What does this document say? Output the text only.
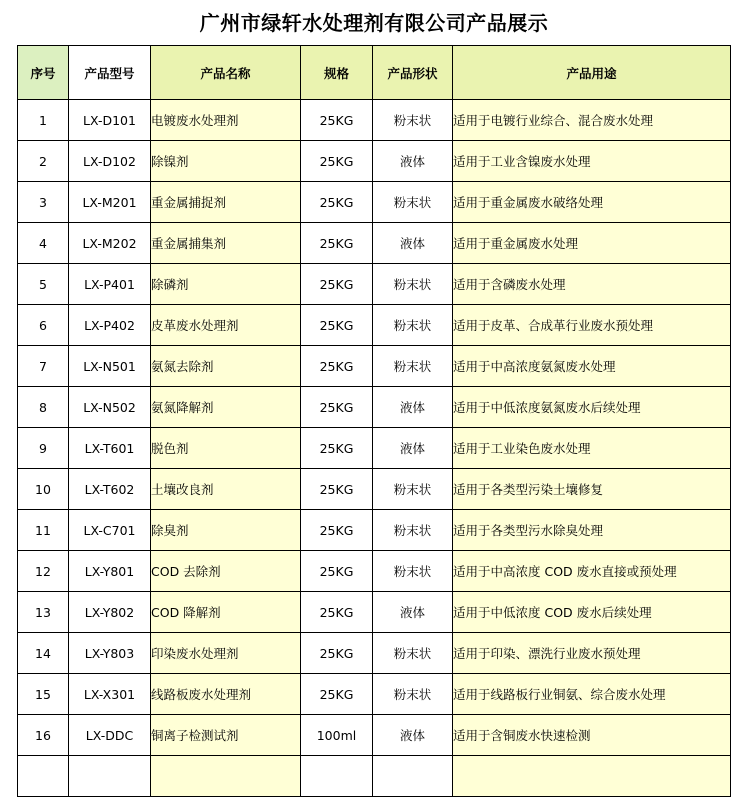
广州市绿轩水处理剂有限公司产品展示
序号	产品型号	产品名称	规格	产品形状	产品用途
1	LX-D101	电镀废水处理剂	25KG	粉末状	适用于电镀行业综合、混合废水处理
2	LX-D102	除镍剂	25KG	液体	适用于工业含镍废水处理
3	LX-M201	重金属捕捉剂	25KG	粉末状	适用于重金属废水破络处理
4	LX-M202	重金属捕集剂	25KG	液体	适用于重金属废水处理
5	LX-P401	除磷剂	25KG	粉末状	适用于含磷废水处理
6	LX-P402	皮革废水处理剂	25KG	粉末状	适用于皮革、合成革行业废水预处理
7	LX-N501	氨氮去除剂	25KG	粉末状	适用于中高浓度氨氮废水处理
8	LX-N502	氨氮降解剂	25KG	液体	适用于中低浓度氨氮废水后续处理
9	LX-T601	脱色剂	25KG	液体	适用于工业染色废水处理
10	LX-T602	土壤改良剂	25KG	粉末状	适用于各类型污染土壤修复
11	LX-C701	除臭剂	25KG	粉末状	适用于各类型污水除臭处理
12	LX-Y801	COD 去除剂	25KG	粉末状	适用于中高浓度 COD 废水直接或预处理
13	LX-Y802	COD 降解剂	25KG	液体	适用于中低浓度 COD 废水后续处理
14	LX-Y803	印染废水处理剂	25KG	粉末状	适用于印染、漂洗行业废水预处理
15	LX-X301	线路板废水处理剂	25KG	粉末状	适用于线路板行业铜氨、综合废水处理
16	LX-DDC	铜离子检测试剂	100ml	液体	适用于含铜废水快速检测
